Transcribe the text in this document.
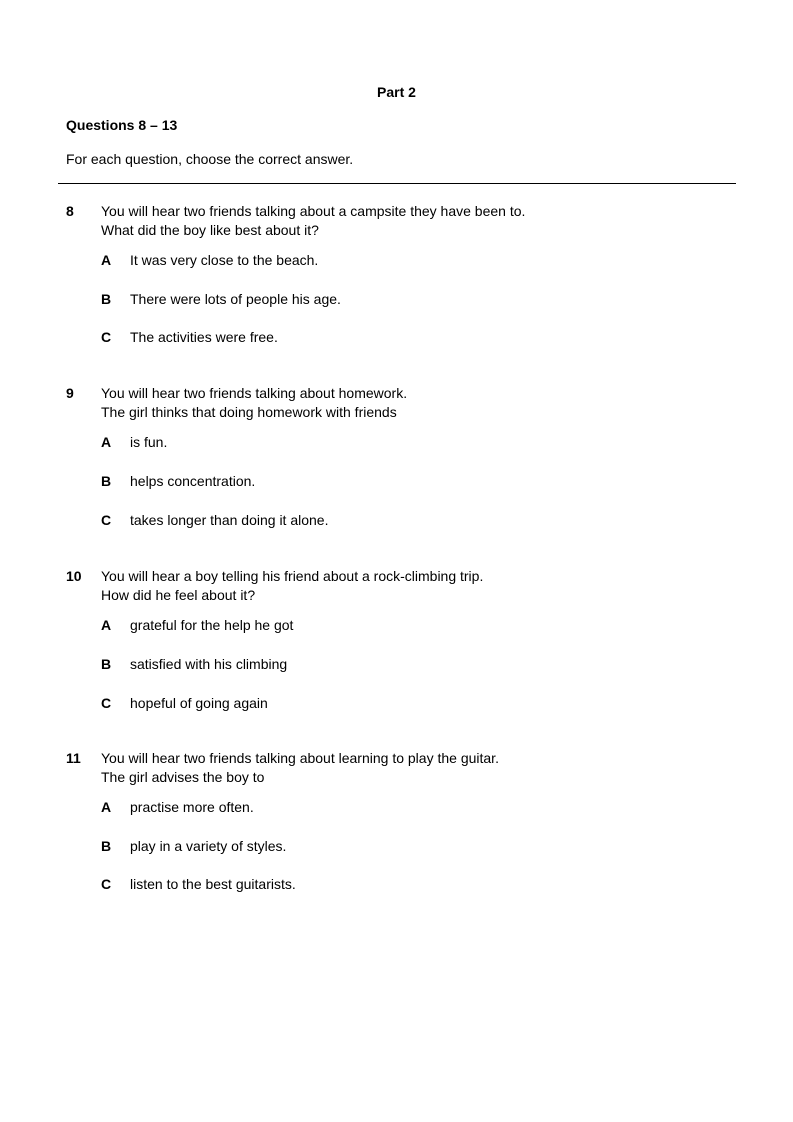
Part 2
Questions 8 – 13
For each question, choose the correct answer.
8 You will hear two friends talking about a campsite they have been to.
What did the boy like best about it?
A It was very close to the beach.
B There were lots of people his age.
C The activities were free.
9 You will hear two friends talking about homework.
The girl thinks that doing homework with friends
A is fun.
B helps concentration.
C takes longer than doing it alone.
10 You will hear a boy telling his friend about a rock-climbing trip.
How did he feel about it?
A grateful for the help he got
B satisfied with his climbing
C hopeful of going again
11 You will hear two friends talking about learning to play the guitar.
The girl advises the boy to
A practise more often.
B play in a variety of styles.
C listen to the best guitarists.
